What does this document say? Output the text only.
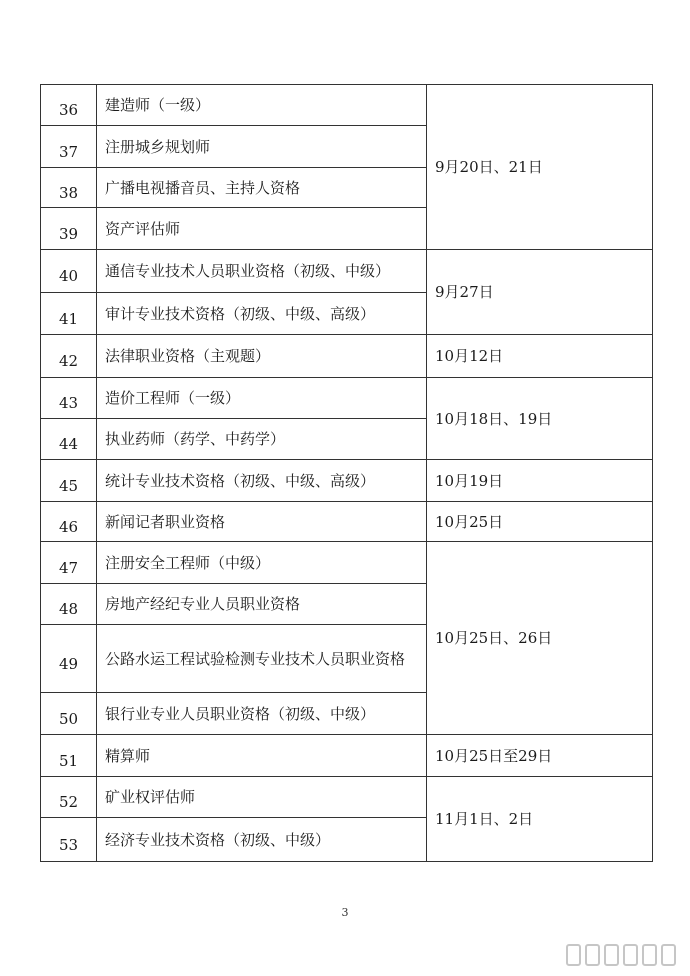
36	建造师（一级）	9月20日、21日
37	注册城乡规划师	
38	广播电视播音员、主持人资格	
39	资产评估师	
40	通信专业技术人员职业资格（初级、中级）	9月27日
41	审计专业技术资格（初级、中级、高级）	
42	法律职业资格（主观题）	10月12日
43	造价工程师（一级）	10月18日、19日
44	执业药师（药学、中药学）	
45	统计专业技术资格（初级、中级、高级）	10月19日
46	新闻记者职业资格	10月25日
47	注册安全工程师（中级）	10月25日、26日
48	房地产经纪专业人员职业资格	
49	公路水运工程试验检测专业技术人员职业资格	
50	银行业专业人员职业资格（初级、中级）	
51	精算师	10月25日至29日
52	矿业权评估师	11月1日、2日
53	经济专业技术资格（初级、中级）	
3
